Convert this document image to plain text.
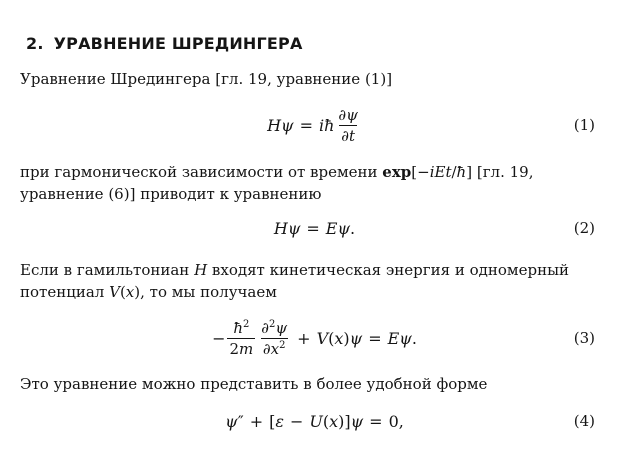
2. УРАВНЕНИЕ ШРЕДИНГЕРА

Уравнение Шредингера [гл. 19, уравнение (1)]

H ψ = iħ $\frac{\partial\psi}{\partial t}$	(1)

при гармонической зависимости от времени exp[−iEt/ħ] [гл. 19,

уравнение (6)] приводит к уравнению

H ψ = Eψ .	(2)

Если в гамильтониан H входят кинетическая энергия и одномерный

потенциал V(x), то мы получаем

− $\frac{ħ^2}{2m} \frac{\partial^2\psi}{\partial x^2} + V$ ( x ) ψ = Eψ .	(3)

Это уравнение можно представить в более удобной форме

ψ ″ + [ ε − U ( x )] ψ = 0,	(4)
